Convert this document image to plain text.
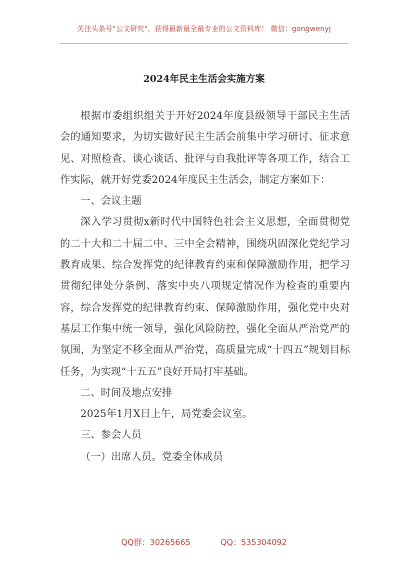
关注头条号"公文研究"，获得最新最全最专业的公文资料库！ 微信：gongwenyj
2024年民主生活会实施方案

根据市委组织组关于开好2024年度县级领导干部民主生活会的通知要求，为切实做好民主生活会前集中学习研讨、征求意见、对照检查、谈心谈话、批评与自我批评等各项工作，结合工作实际，就开好党委2024年度民主生活会，制定方案如下：

一、会议主题

深入学习贯彻x新时代中国特色社会主义思想，全面贯彻党的二十大和二十届二中、三中全会精神，围绕巩固深化党纪学习教育成果、综合发挥党的纪律教育约束和保障激励作用，把学习贯彻纪律处分条例、落实中央八项规定情况作为检查的重要内容，综合发挥党的纪律教育约束、保障激励作用，强化党中央对基层工作集中统一领导，强化风险防控，强化全面从严治党严的氛围，为坚定不移全面从严治党，高质量完成“十四五”规划目标任务，为实现“十五五”良好开局打牢基础。

二、时间及地点安排

2025年1月X日上午，局党委会议室。

三、参会人员

（一）出席人员。党委全体成员

QQ群：30265665	QQ：535304092
